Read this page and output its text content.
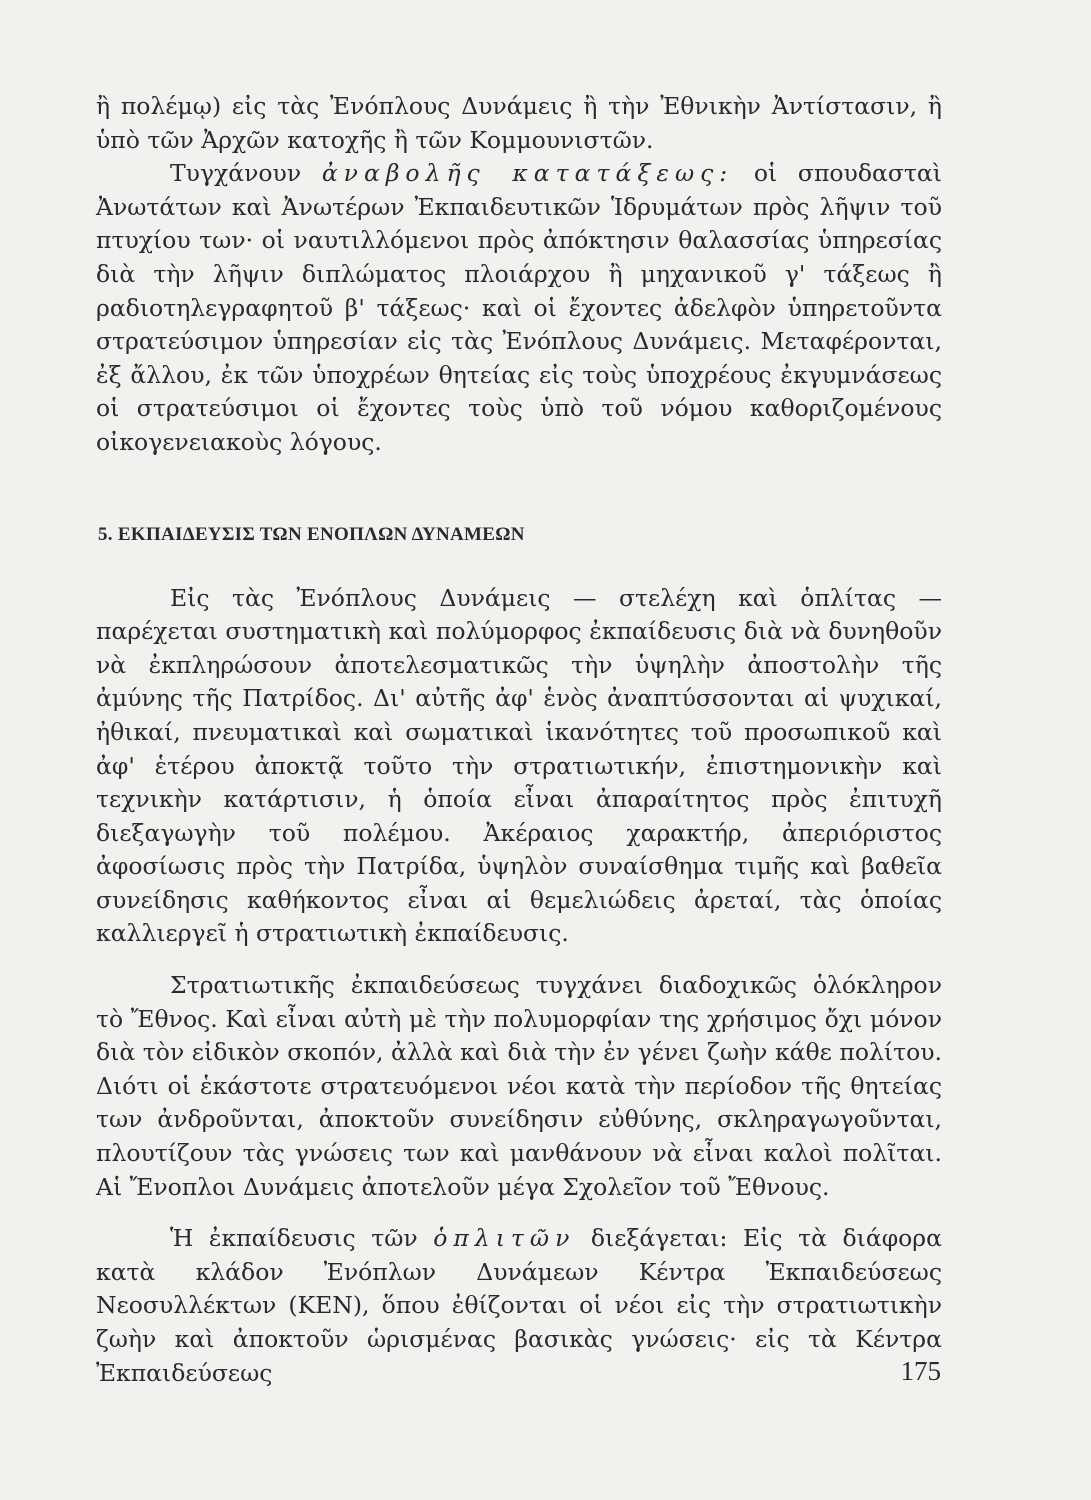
ἢ πολέμῳ) εἰς τὰς Ἐνόπλους Δυνάμεις ἢ τὴν Ἐθνικὴν Ἀντίστασιν, ἢ ὑπὸ τῶν Ἀρχῶν κατοχῆς ἢ τῶν Κομμουνιστῶν.

Τυγχάνουν ἀναβολῆς κατατάξεως: οἱ σπουδασταὶ Ἀνωτάτων καὶ Ἀνωτέρων Ἐκπαιδευτικῶν Ἱδρυμάτων πρὸς λῆψιν τοῦ πτυχίου των· οἱ ναυτιλλόμενοι πρὸς ἀπόκτησιν θαλασσίας ὑπηρεσίας διὰ τὴν λῆψιν διπλώματος πλοιάρχου ἢ μηχανικοῦ γ' τάξεως ἢ ραδιοτηλεγραφητοῦ β' τάξεως· καὶ οἱ ἔχοντες ἀδελφὸν ὑπηρετοῦντα στρατεύσιμον ὑπηρεσίαν εἰς τὰς Ἐνόπλους Δυνάμεις. Μεταφέρονται, ἐξ ἄλλου, ἐκ τῶν ὑποχρέων θητείας εἰς τοὺς ὑποχρέους ἐκγυμνάσεως οἱ στρατεύσιμοι οἱ ἔχοντες τοὺς ὑπὸ τοῦ νόμου καθοριζομένους οἰκογενειακοὺς λόγους.

5. ΕΚΠΑΙΔΕΥΣΙΣ ΤΩΝ ΕΝΟΠΛΩΝ ΔΥΝΑΜΕΩΝ

Εἰς τὰς Ἐνόπλους Δυνάμεις — στελέχη καὶ ὁπλίτας — παρέχεται συστηματικὴ καὶ πολύμορφος ἐκπαίδευσις διὰ νὰ δυνηθοῦν νὰ ἐκπληρώσουν ἀποτελεσματικῶς τὴν ὑψηλὴν ἀποστολὴν τῆς ἀμύνης τῆς Πατρίδος. Δι' αὐτῆς ἀφ' ἑνὸς ἀναπτύσσονται αἱ ψυχικαί, ἠθικαί, πνευματικαὶ καὶ σωματικαὶ ἱκανότητες τοῦ προσωπικοῦ καὶ ἀφ' ἑτέρου ἀποκτᾷ τοῦτο τὴν στρατιωτικήν, ἐπιστημονικὴν καὶ τεχνικὴν κατάρτισιν, ἡ ὁποία εἶναι ἀπαραίτητος πρὸς ἐπιτυχῆ διεξαγωγὴν τοῦ πολέμου. Ἀκέραιος χαρακτήρ, ἀπεριόριστος ἀφοσίωσις πρὸς τὴν Πατρίδα, ὑψηλὸν συναίσθημα τιμῆς καὶ βαθεῖα συνείδησις καθήκοντος εἶναι αἱ θεμελιώδεις ἀρεταί, τὰς ὁποίας καλλιεργεῖ ἡ στρατιωτικὴ ἐκπαίδευσις.

Στρατιωτικῆς ἐκπαιδεύσεως τυγχάνει διαδοχικῶς ὁλόκληρον τὸ Ἔθνος. Καὶ εἶναι αὐτὴ μὲ τὴν πολυμορφίαν της χρήσιμος ὄχι μόνον διὰ τὸν εἰδικὸν σκοπόν, ἀλλὰ καὶ διὰ τὴν ἐν γένει ζωὴν κάθε πολίτου. Διότι οἱ ἑκάστοτε στρατευόμενοι νέοι κατὰ τὴν περίοδον τῆς θητείας των ἀνδροῦνται, ἀποκτοῦν συνείδησιν εὐθύνης, σκληραγωγοῦνται, πλουτίζουν τὰς γνώσεις των καὶ μανθάνουν νὰ εἶναι καλοὶ πολῖται. Αἱ Ἔνοπλοι Δυνάμεις ἀποτελοῦν μέγα Σχολεῖον τοῦ Ἔθνους.

Ἡ ἐκπαίδευσις τῶν ὁπλιτῶν διεξάγεται: Εἰς τὰ διάφορα κατὰ κλάδον Ἐνόπλων Δυνάμεων Κέντρα Ἐκπαιδεύσεως Νεοσυλλέκτων (ΚΕΝ), ὅπου ἐθίζονται οἱ νέοι εἰς τὴν στρατιωτικὴν ζωὴν καὶ ἀποκτοῦν ὡρισμένας βασικὰς γνώσεις· εἰς τὰ Κέντρα Ἐκπαιδεύσεως	175
